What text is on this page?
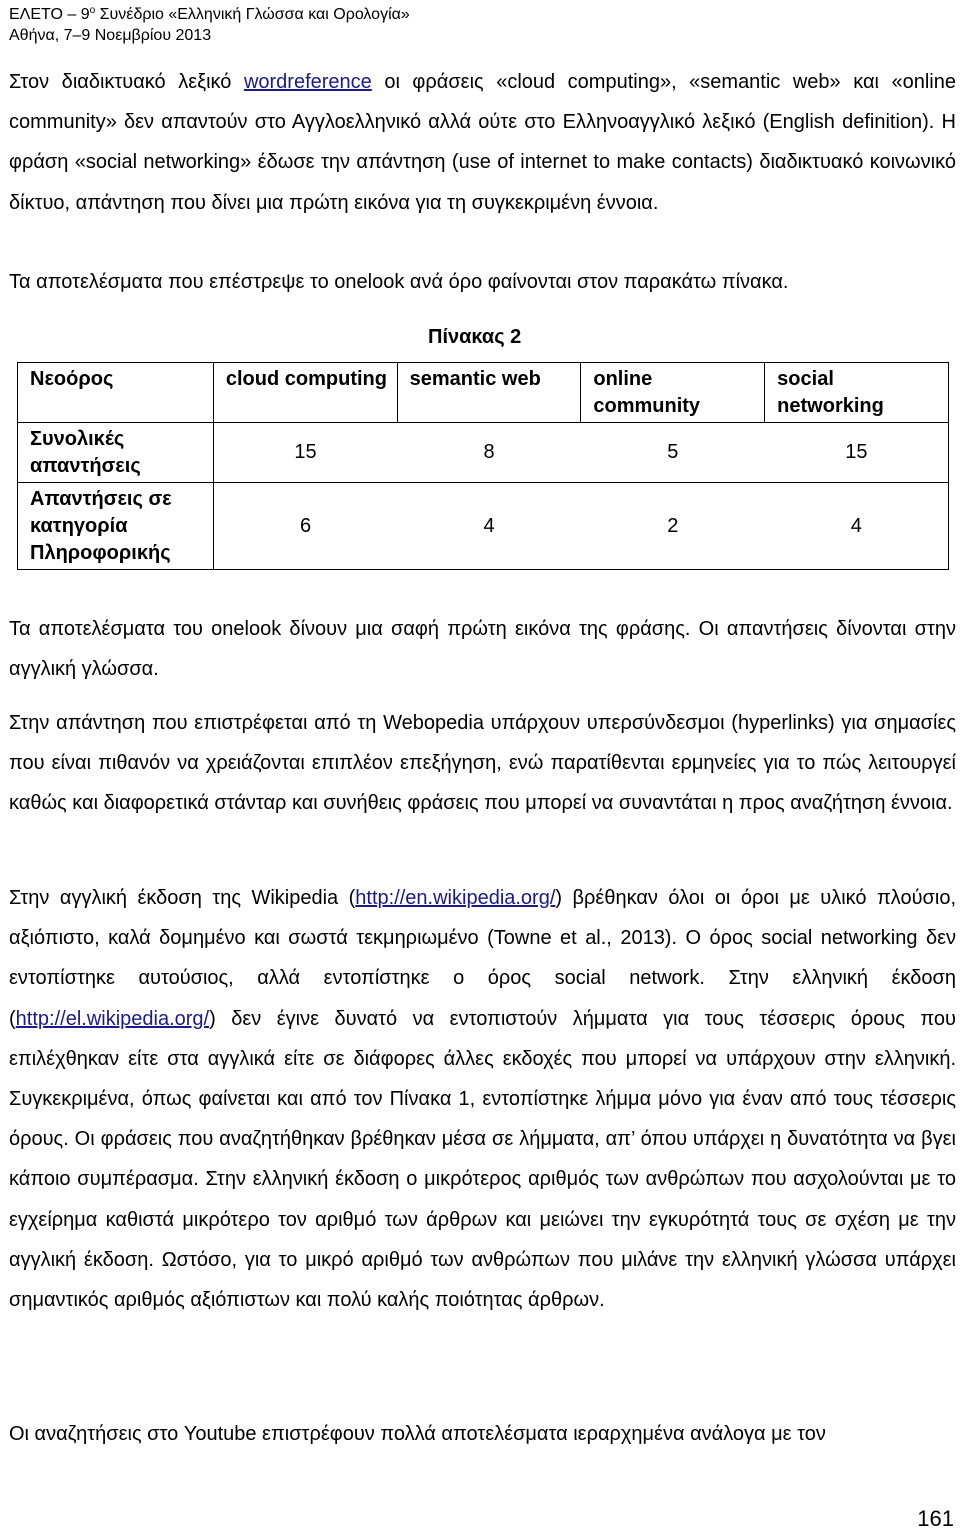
ΕΛΕΤΟ – $9^o$ Συνέδριο «Ελληνική Γλώσσα και Ορολογία»
Αθήνα, 7–9 Νοεμβρίου 2013

Στον διαδικτυακό λεξικό wordreference οι φράσεις «cloud computing», «semantic web» και «online community» δεν απαντούν στο Αγγλοελληνικό αλλά ούτε στο Ελληνοαγγλικό λεξικό (English definition). Η φράση «social networking» έδωσε την απάντηση (use of internet to make contacts) διαδικτυακό κοινωνικό δίκτυο, απάντηση που δίνει μια πρώτη εικόνα για τη συγκεκριμένη έννοια.

Τα αποτελέσματα που επέστρεψε το onelook ανά όρο φαίνονται στον παρακάτω πίνακα.

Πίνακας 2
Νεοόρος	cloud computing	semantic web	online community	social networking
Συνολικές απαντήσεις	15	8	5	15
Απαντήσεις σε κατηγορία Πληροφορικής	6	4	2	4

Τα αποτελέσματα του onelook δίνουν μια σαφή πρώτη εικόνα της φράσης. Οι απαντήσεις δίνονται στην αγγλική γλώσσα.

Στην απάντηση που επιστρέφεται από τη Webopedia υπάρχουν υπερσύνδεσμοι (hyperlinks) για σημασίες που είναι πιθανόν να χρειάζονται επιπλέον επεξήγηση, ενώ παρατίθενται ερμηνείες για το πώς λειτουργεί καθώς και διαφορετικά στάνταρ και συνήθεις φράσεις που μπορεί να συναντάται η προς αναζήτηση έννοια.

Στην αγγλική έκδοση της Wikipedia (http://en.wikipedia.org/) βρέθηκαν όλοι οι όροι με υλικό πλούσιο, αξιόπιστο, καλά δομημένο και σωστά τεκμηριωμένο (Towne et al., 2013). Ο όρος social networking δεν εντοπίστηκε αυτούσιος, αλλά εντοπίστηκε ο όρος social network. Στην ελληνική έκδοση (http://el.wikipedia.org/) δεν έγινε δυνατό να εντοπιστούν λήμματα για τους τέσσερις όρους που επιλέχθηκαν είτε στα αγγλικά είτε σε διάφορες άλλες εκδοχές που μπορεί να υπάρχουν στην ελληνική. Συγκεκριμένα, όπως φαίνεται και από τον Πίνακα 1, εντοπίστηκε λήμμα μόνο για έναν από τους τέσσερις όρους. Οι φράσεις που αναζητήθηκαν βρέθηκαν μέσα σε λήμματα, απ’ όπου υπάρχει η δυνατότητα να βγει κάποιο συμπέρασμα. Στην ελληνική έκδοση ο μικρότερος αριθμός των ανθρώπων που ασχολούνται με το εγχείρημα καθιστά μικρότερο τον αριθμό των άρθρων και μειώνει την εγκυρότητά τους σε σχέση με την αγγλική έκδοση. Ωστόσο, για το μικρό αριθμό των ανθρώπων που μιλάνε την ελληνική γλώσσα υπάρχει σημαντικός αριθμός αξιόπιστων και πολύ καλής ποιότητας άρθρων.

Οι αναζητήσεις στο Youtube επιστρέφουν πολλά αποτελέσματα ιεραρχημένα ανάλογα με τον

161
